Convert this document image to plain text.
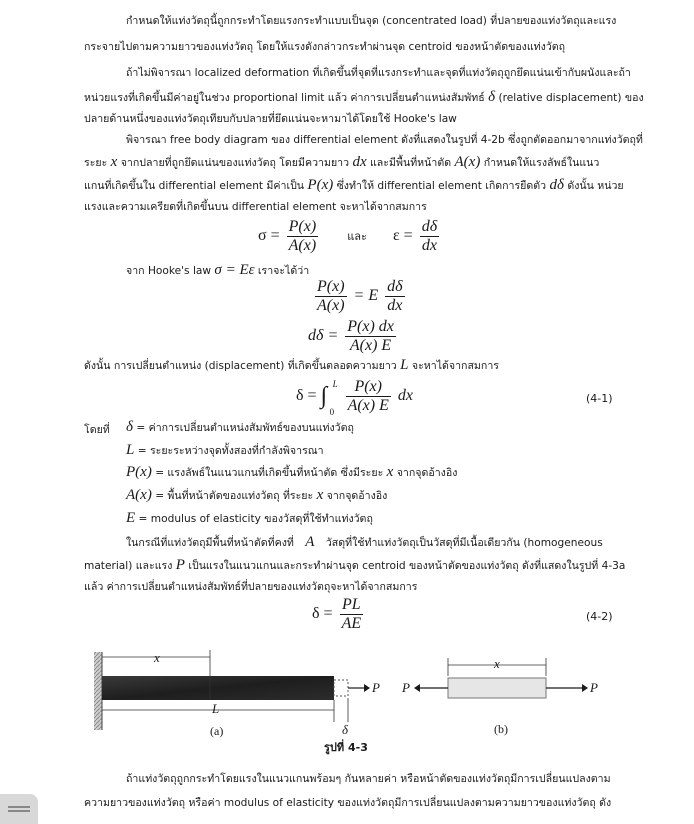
กำหนดให้แท่งวัตถุนี้ถูกกระทำโดยแรงกระทำแบบเป็นจุด (concentrated load) ที่ปลายของแท่งวัตถุและแรง
กระจายไปตามความยาวของแท่งวัตถุ โดยให้แรงดังกล่าวกระทำผ่านจุด centroid ของหน้าตัดของแท่งวัตถุ
ถ้าไม่พิจารณา localized deformation ที่เกิดขึ้นที่จุดที่แรงกระทำและจุดที่แท่งวัตถุถูกยึดแน่นเข้ากับผนังและถ้า
หน่วยแรงที่เกิดขึ้นมีค่าอยู่ในช่วง proportional limit แล้ว ค่าการเปลี่ยนตำแหน่งสัมพัทธ์ δ (relative displacement) ของ
ปลายด้านหนึ่งของแท่งวัตถุเทียบกับปลายที่ยึดแน่นจะหามาได้โดยใช้ Hooke's law
พิจารณา free body diagram ของ differential element ดังที่แสดงในรูปที่ 4-2b ซึ่งถูกตัดออกมาจากแท่งวัตถุที่
ระยะ x จากปลายที่ถูกยึดแน่นของแท่งวัตถุ โดยมีความยาว dx และมีพื้นที่หน้าตัด A(x) กำหนดให้แรงลัพธ์ในแนว
แกนที่เกิดขึ้นใน differential element มีค่าเป็น P(x) ซึ่งทำให้ differential element เกิดการยืดตัว dδ ดังนั้น หน่วย
แรงและความเครียดที่เกิดขึ้นบน differential element จะหาได้จากสมการ
$\sigma = \frac{P(x)}{A(x)}$	และ $\varepsilon = \frac{d\delta}{dx}$
จาก Hooke's law σ = Eε เราจะได้ว่า
$\frac{P(x)}{A(x)} = E \frac{d\delta}{dx}$
$d\delta = \frac{P(x) dx}{A(x) E}$
ดังนั้น การเปลี่ยนตำแหน่ง (displacement) ที่เกิดขึ้นตลอดความยาว L จะหาได้จากสมการ
δ = ∫ L
0
$\frac{P(x)}{A(x) E}$ dx	(4-1)
โดยที่ δ = ค่าการเปลี่ยนตำแหน่งสัมพัทธ์ของบนแท่งวัตถุ
L = ระยะระหว่างจุดทั้งสองที่กำลังพิจารณา
P(x) = แรงลัพธ์ในแนวแกนที่เกิดขึ้นที่หน้าตัด ซึ่งมีระยะ x จากจุดอ้างอิง
A(x) = พื้นที่หน้าตัดของแท่งวัตถุ ที่ระยะ x จากจุดอ้างอิง
E = modulus of elasticity ของวัสดุที่ใช้ทำแท่งวัตถุ
ในกรณีที่แท่งวัตถุมีพื้นที่หน้าตัดที่คงที่ A วัสดุที่ใช้ทำแท่งวัตถุเป็นวัสดุที่มีเนื้อเดียวกัน (homogeneous
material) และแรง P เป็นแรงในแนวแกนและกระทำผ่านจุด centroid ของหน้าตัดของแท่งวัตถุ ดังที่แสดงในรูปที่ 4-3a
แล้ว ค่าการเปลี่ยนตำแหน่งสัมพัทธ์ที่ปลายของแท่งวัตถุจะหาได้จากสมการ
$\delta = \frac{PL}{AE}$	(4-2)
x
L
P
δ
(a)
x
P	P
(b)
รูปที่ 4-3
ถ้าแท่งวัตถุถูกกระทำโดยแรงในแนวแกนพร้อมๆ กันหลายค่า หรือหน้าตัดของแท่งวัตถุมีการเปลี่ยนแปลงตาม
ความยาวของแท่งวัตถุ หรือค่า modulus of elasticity ของแท่งวัตถุมีการเปลี่ยนแปลงตามความยาวของแท่งวัตถุ ดัง
